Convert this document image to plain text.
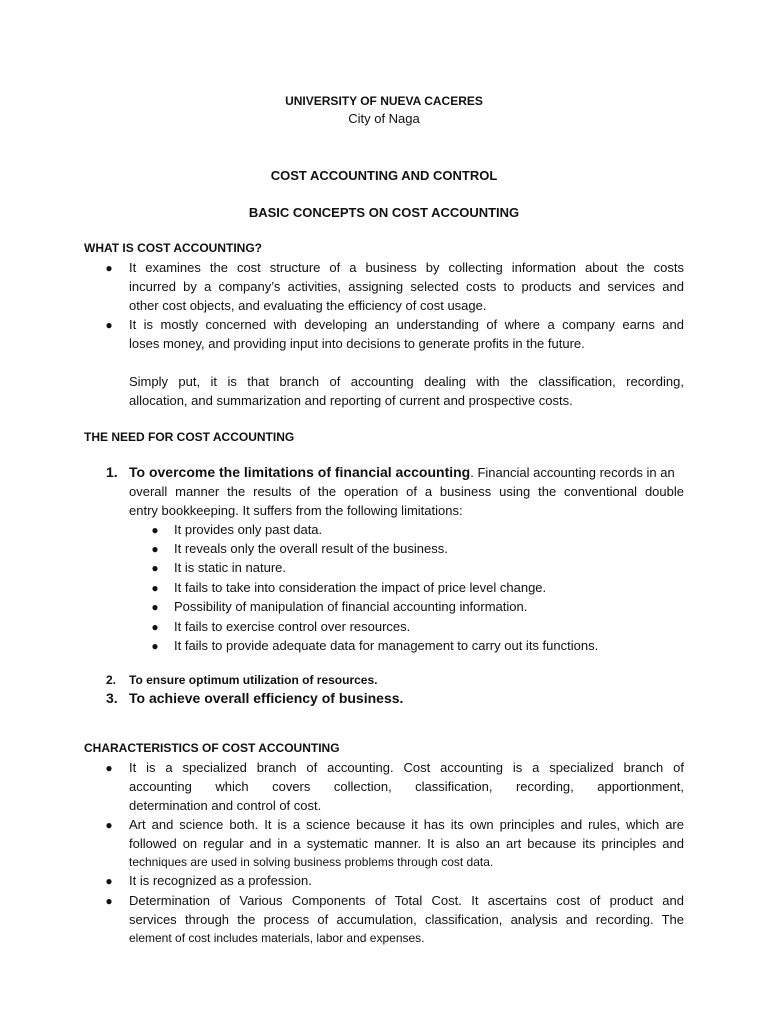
UNIVERSITY OF NUEVA CACERES
City of Naga
COST ACCOUNTING AND CONTROL
BASIC CONCEPTS ON COST ACCOUNTING
WHAT IS COST ACCOUNTING?
● It examines the cost structure of a business by collecting information about the costs
incurred by a company’s activities, assigning selected costs to products and services and
other cost objects, and evaluating the efficiency of cost usage.
● It is mostly concerned with developing an understanding of where a company earns and
loses money, and providing input into decisions to generate profits in the future.
Simply put, it is that branch of accounting dealing with the classification, recording,
allocation, and summarization and reporting of current and prospective costs.
THE NEED FOR COST ACCOUNTING
1. To overcome the limitations of financial accounting. Financial accounting records in an
overall manner the results of the operation of a business using the conventional double
entry bookkeeping. It suffers from the following limitations:
● It provides only past data.
● It reveals only the overall result of the business.
● It is static in nature.
● It fails to take into consideration the impact of price level change.
● Possibility of manipulation of financial accounting information.
● It fails to exercise control over resources.
● It fails to provide adequate data for management to carry out its functions.
2. To ensure optimum utilization of resources.
3. To achieve overall efficiency of business.
CHARACTERISTICS OF COST ACCOUNTING
● It is a specialized branch of accounting. Cost accounting is a specialized branch of
accounting which covers collection, classification, recording, apportionment,
determination and control of cost.
● Art and science both. It is a science because it has its own principles and rules, which are
followed on regular and in a systematic manner. It is also an art because its principles and
techniques are used in solving business problems through cost data.
● It is recognized as a profession.
● Determination of Various Components of Total Cost. It ascertains cost of product and
services through the process of accumulation, classification, analysis and recording. The
element of cost includes materials, labor and expenses.
